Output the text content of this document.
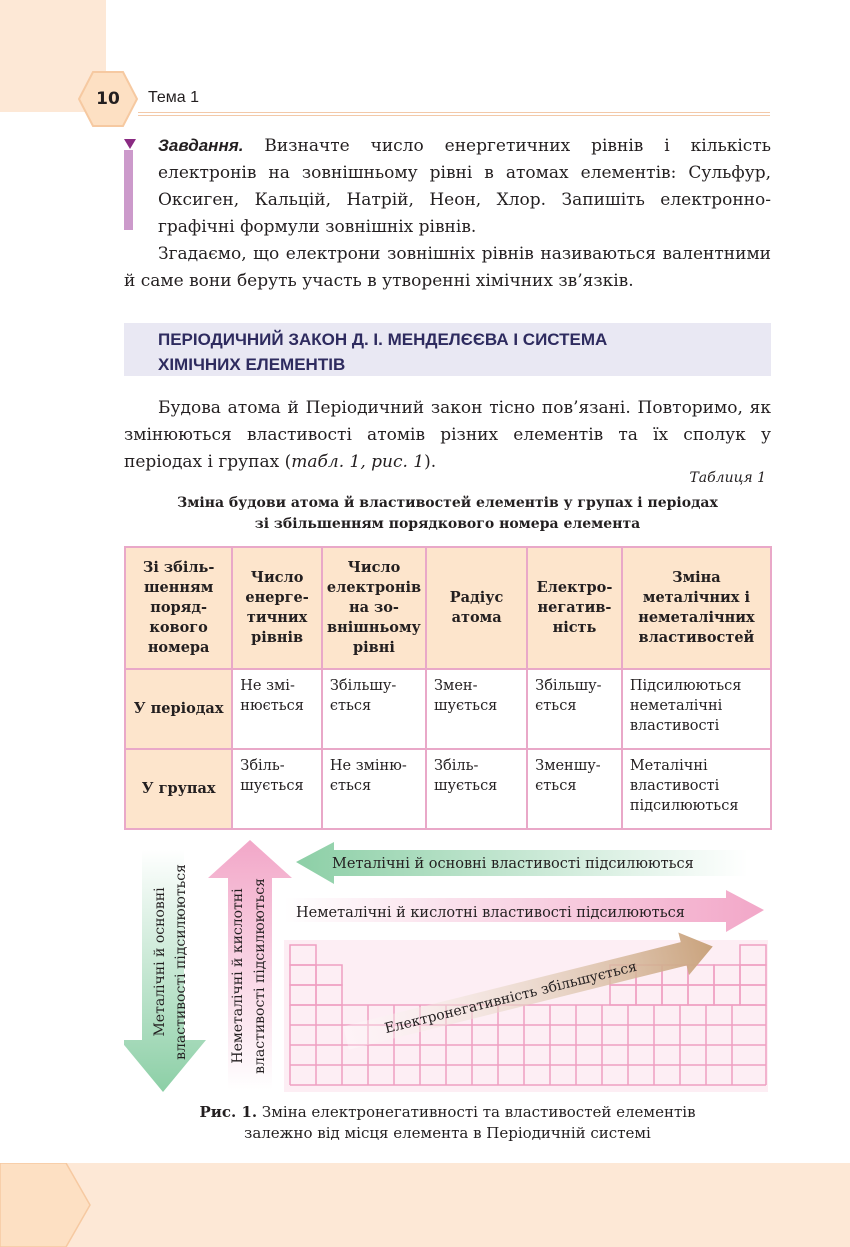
10	Тема 1
Завдання. Визначте число енергетичних рівнів і кількість електронів на зовнішньому рівні в атомах елементів: Сульфур, Оксиген, Кальцій, Натрій, Неон, Хлор. Запишіть електроннографічні формули зовнішніх рівнів.
Згадаємо, що електрони зовнішніх рівнів називаються валентними й саме вони беруть участь в утворенні хімічних зв’язків.
ПЕРІОДИЧНИЙ ЗАКОН Д. І. МЕНДЕЛЄЄВА І СИСТЕМА
ХІМІЧНИХ ЕЛЕМЕНТІВ
Будова атома й Періодичний закон тісно пов’язані. Повторимо, як змінюються властивості атомів різних елементів та їх сполук у періодах і групах (табл. 1, рис. 1).
Таблиця 1
Зміна будови атома й властивостей елементів у групах і періодах
зі збільшенням порядкового номера елемента
Зі збіль-шенням поряд-кового номера	Число енерге-тичних рівнів	Число електронів на зо-внішньому рівні	Радіус атома	Електро-негатив-ність	Зміна металічних і неметалічних властивостей
У періодах	Не змі-нюється	Збільшу-ється	Змен-шується	Збільшу-ється	Підсилюються неметалічні властивості
У групах	Збіль-шується	Не зміню-ється	Збіль-шується	Зменшу-ється	Металічні властивості підсилюються
Металічні й основні властивості підсилюються	Неметалічні й кислотні властивості підсилюються
Металічні й основні властивості підсилюються
Неметалічні й кислотні властивості підсилюються
Електронегативність збільшується
Рис. 1. Зміна електронегативності та властивостей елементів
залежно від місця елемента в Періодичній системі
